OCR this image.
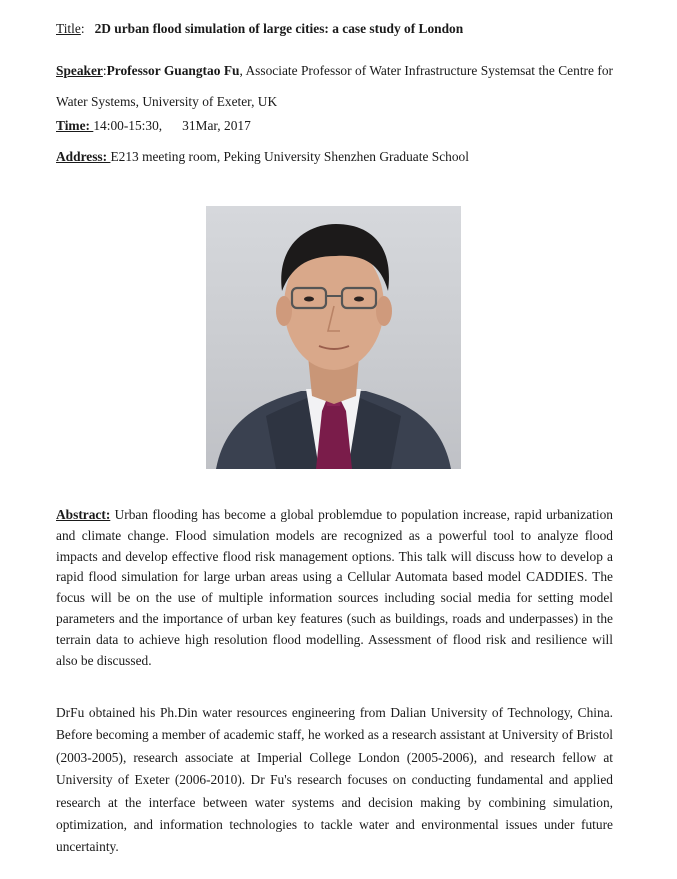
Title: 2D urban flood simulation of large cities: a case study of London
Speaker:Professor Guangtao Fu, Associate Professor of Water Infrastructure Systemsat the Centre for Water Systems, University of Exeter, UK
Time: 14:00-15:30, 31Mar, 2017
Address: E213 meeting room, Peking University Shenzhen Graduate School
Abstract: Urban flooding has become a global problemdue to population increase, rapid urbanization and climate change. Flood simulation models are recognized as a powerful tool to analyze flood impacts and develop effective flood risk management options. This talk will discuss how to develop a rapid flood simulation for large urban areas using a Cellular Automata based model CADDIES. The focus will be on the use of multiple information sources including social media for setting model parameters and the importance of urban key features (such as buildings, roads and underpasses) in the terrain data to achieve high resolution flood modelling. Assessment of flood risk and resilience will also be discussed.
DrFu obtained his Ph.Din water resources engineering from Dalian University of Technology, China. Before becoming a member of academic staff, he worked as a research assistant at University of Bristol (2003-2005), research associate at Imperial College London (2005-2006), and research fellow at University of Exeter (2006-2010). Dr Fu's research focuses on conducting fundamental and applied research at the interface between water systems and decision making by combining simulation, optimization, and information technologies to tackle water and environmental issues under future uncertainty.
